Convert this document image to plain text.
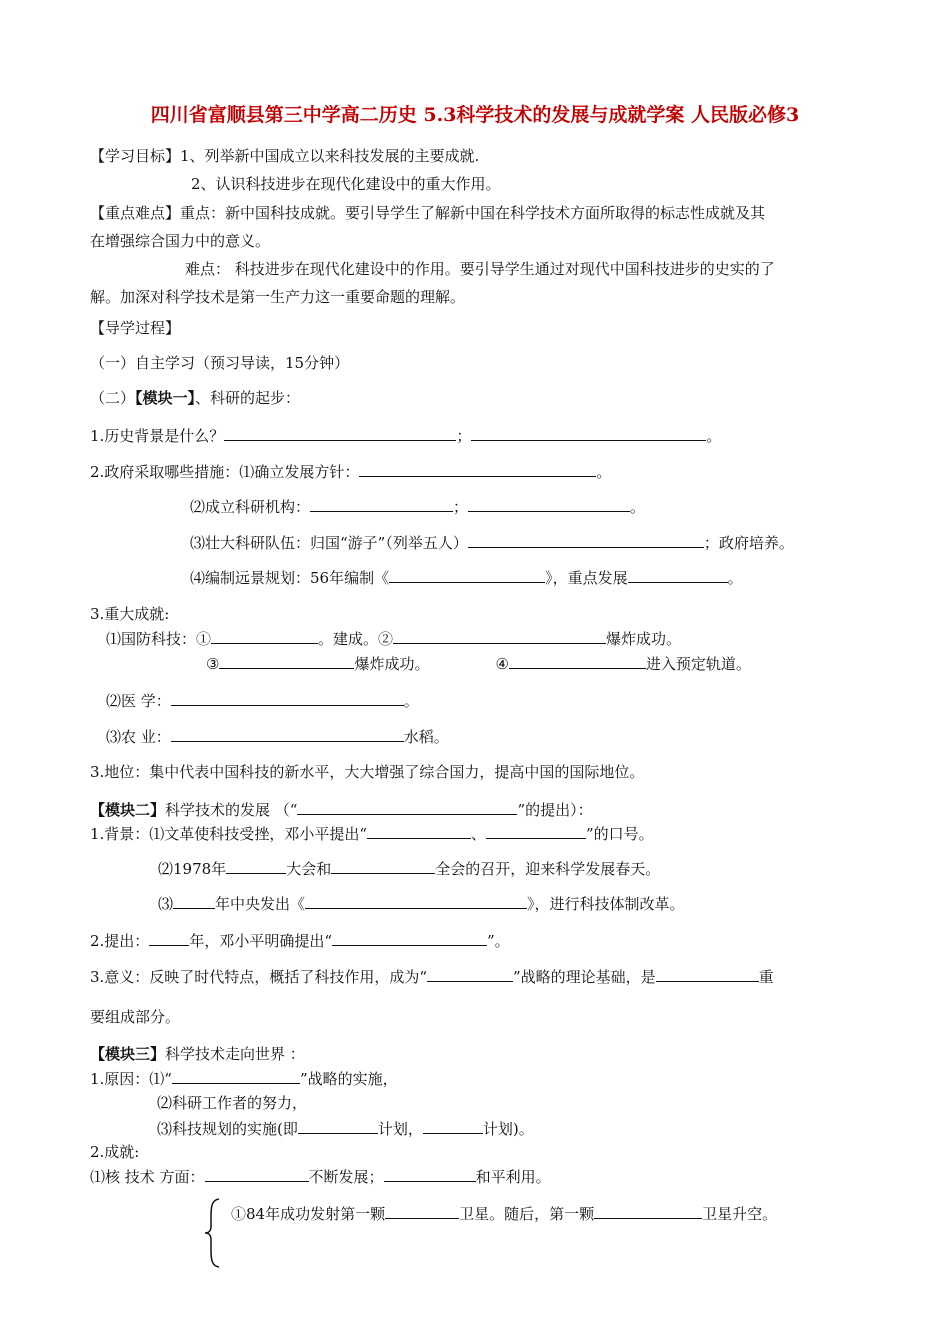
四川省富顺县第三中学高二历史 5.3科学技术的发展与成就学案 人民版必修3
【学习目标】1、列举新中国成立以来科技发展的主要成就.
2、认识科技进步在现代化建设中的重大作用。
【重点难点】重点：新中国科技成就。要引导学生了解新中国在科学技术方面所取得的标志性成就及其
在增强综合国力中的意义。
难点： 科技进步在现代化建设中的作用。要引导学生通过对现代中国科技进步的史实的了
解。加深对科学技术是第一生产力这一重要命题的理解。
【导学过程】
（一）自主学习（预习导读，15分钟）
（二）【模块一】、科研的起步：
1.历史背景是什么？	；	。
2.政府采取哪些措施：⑴确立发展方针：	。
⑵成立科研机构：	；	。
⑶壮大科研队伍：归国“游子”（列举五人）	；政府培养。
⑷编制远景规划：56年编制《	》，重点发展	。
3.重大成就:
⑴国防科技：①	。建成。②	爆炸成功。
③	爆炸成功。	④	进入预定轨道。
⑵医 学：	。
⑶农 业：	水稻。
3.地位：集中代表中国科技的新水平，大大增强了综合国力，提高中国的国际地位。
【模块二】科学技术的发展 （“	”的提出）：
1.背景：⑴文革使科技受挫，邓小平提出“	、	”的口号。
⑵1978年	大会和	全会的召开，迎来科学发展春天。
⑶	年中央发出《	》，进行科技体制改革。
2.提出：	年，邓小平明确提出“	”。
3.意义：反映了时代特点，概括了科技作用，成为“	”战略的理论基础，是	重
要组成部分。
【模块三】科学技术走向世界 ：
1.原因：⑴“	”战略的实施，
⑵科研工作者的努力，
⑶科技规划的实施(即	计划，	计划)。
2.成就:
⑴核 技术 方面：	不断发展；	和平利用。
①84年成功发射第一颗	卫星。随后，第一颗	卫星升空。
